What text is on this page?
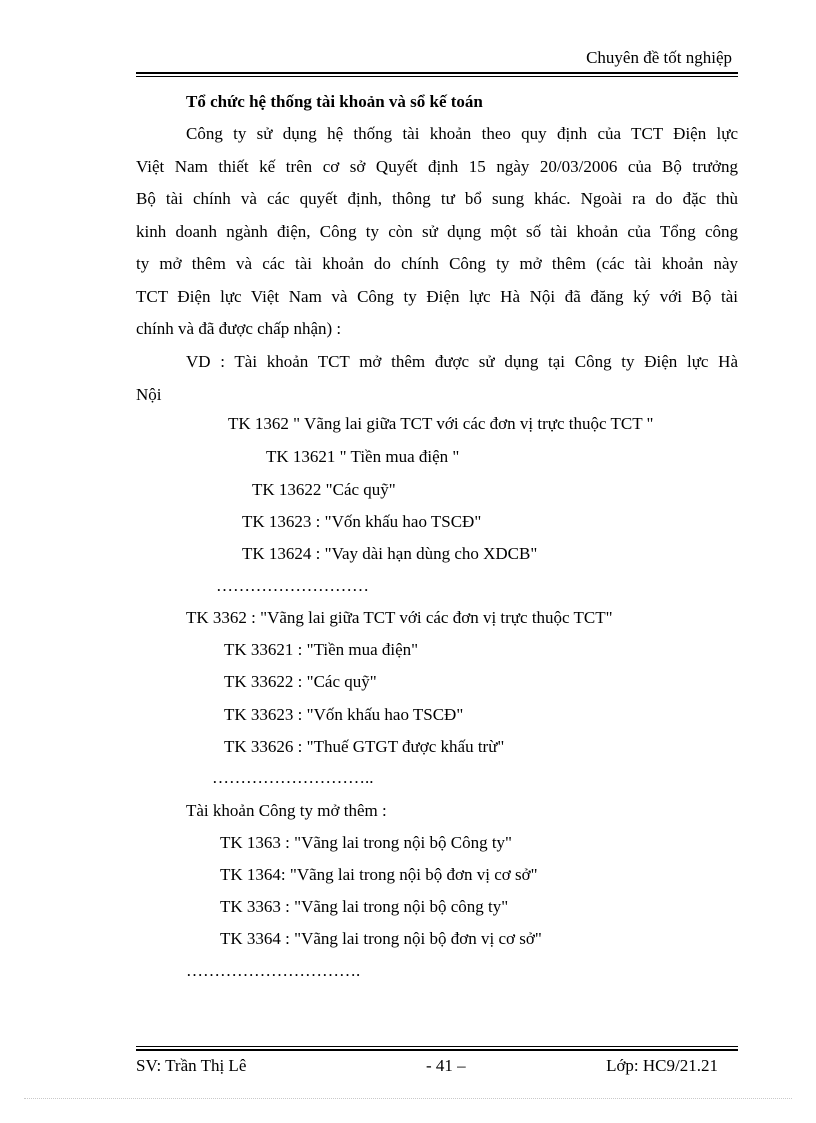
Chuyên đề tốt nghiệp
Tổ chức hệ thống tài khoản và sổ kế toán
Công ty sử dụng hệ thống tài khoản theo quy định của TCT Điện lực
Việt Nam thiết kế trên cơ sở Quyết định 15 ngày 20/03/2006 của Bộ trưởng
Bộ tài chính và các quyết định, thông tư bổ sung khác. Ngoài ra do đặc thù
kinh doanh ngành điện, Công ty còn sử dụng một số tài khoản của Tổng công
ty mở thêm và các tài khoản do chính Công ty mở thêm (các tài khoản này
TCT Điện lực Việt Nam và Công ty Điện lực Hà Nội đã đăng ký với Bộ tài
chính và đã được chấp nhận) :
VD : Tài khoản TCT mở thêm được sử dụng tại Công ty Điện lực Hà
Nội
TK 1362 " Vãng lai giữa TCT với các đơn vị trực thuộc TCT "
TK 13621 " Tiền mua điện "
TK 13622 "Các quỹ"
TK 13623 : "Vốn khấu hao TSCĐ"
TK 13624 : "Vay dài hạn dùng cho XDCB"
………………………
TK 3362 : "Vãng lai giữa TCT với các đơn vị trực thuộc TCT"
TK 33621 : "Tiền mua điện"
TK 33622 : "Các quỹ"
TK 33623 : "Vốn khấu hao TSCĐ"
TK 33626 : "Thuế GTGT được khấu trừ"
………………………..
Tài khoản Công ty mở thêm :
TK 1363 : "Vãng lai trong nội bộ Công ty"
TK 1364: "Vãng lai trong nội bộ đơn vị cơ sở"
TK 3363 : "Vãng lai trong nội bộ công ty"
TK 3364 : "Vãng lai trong nội bộ đơn vị cơ sở"
………………………….
SV: Trần Thị Lê	- 41 –	Lớp: HC9/21.21
